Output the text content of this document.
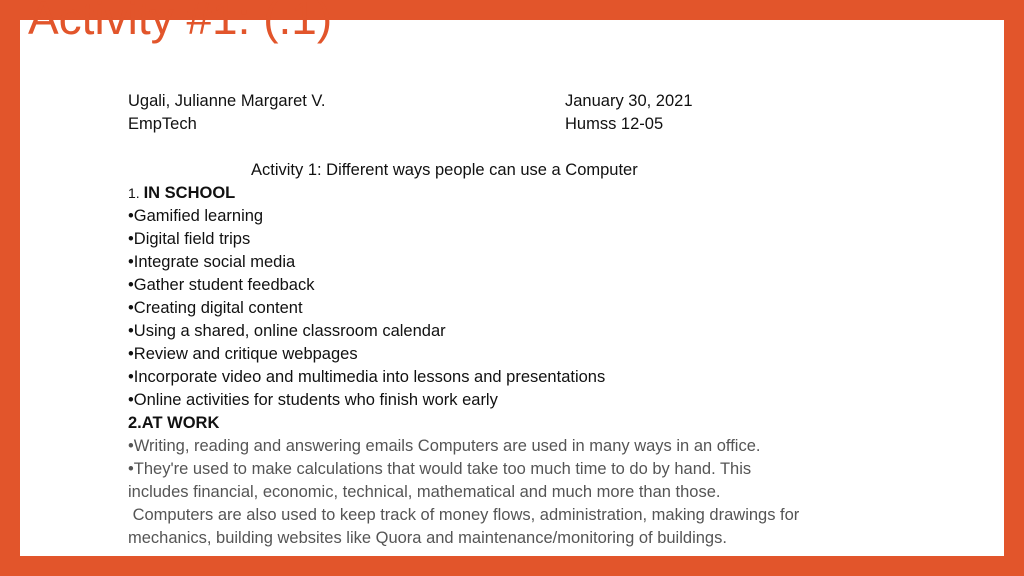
Activity #1: (.1)
Ugali, Julianne Margaret V.	January 30, 2021
EmpTech	Humss 12-05
Activity 1: Different ways people can use a Computer
1. IN SCHOOL
•Gamified learning
•Digital field trips
•Integrate social media
•Gather student feedback
•Creating digital content
•Using a shared, online classroom calendar
•Review and critique webpages
•Incorporate video and multimedia into lessons and presentations
•Online activities for students who finish work early
2.AT WORK
•Writing, reading and answering emails Computers are used in many ways in an office.
•They're used to make calculations that would take too much time to do by hand. This
includes financial, economic, technical, mathematical and much more than those.
Computers are also used to keep track of money flows, administration, making drawings for
mechanics, building websites like Quora and maintenance/monitoring of buildings.
